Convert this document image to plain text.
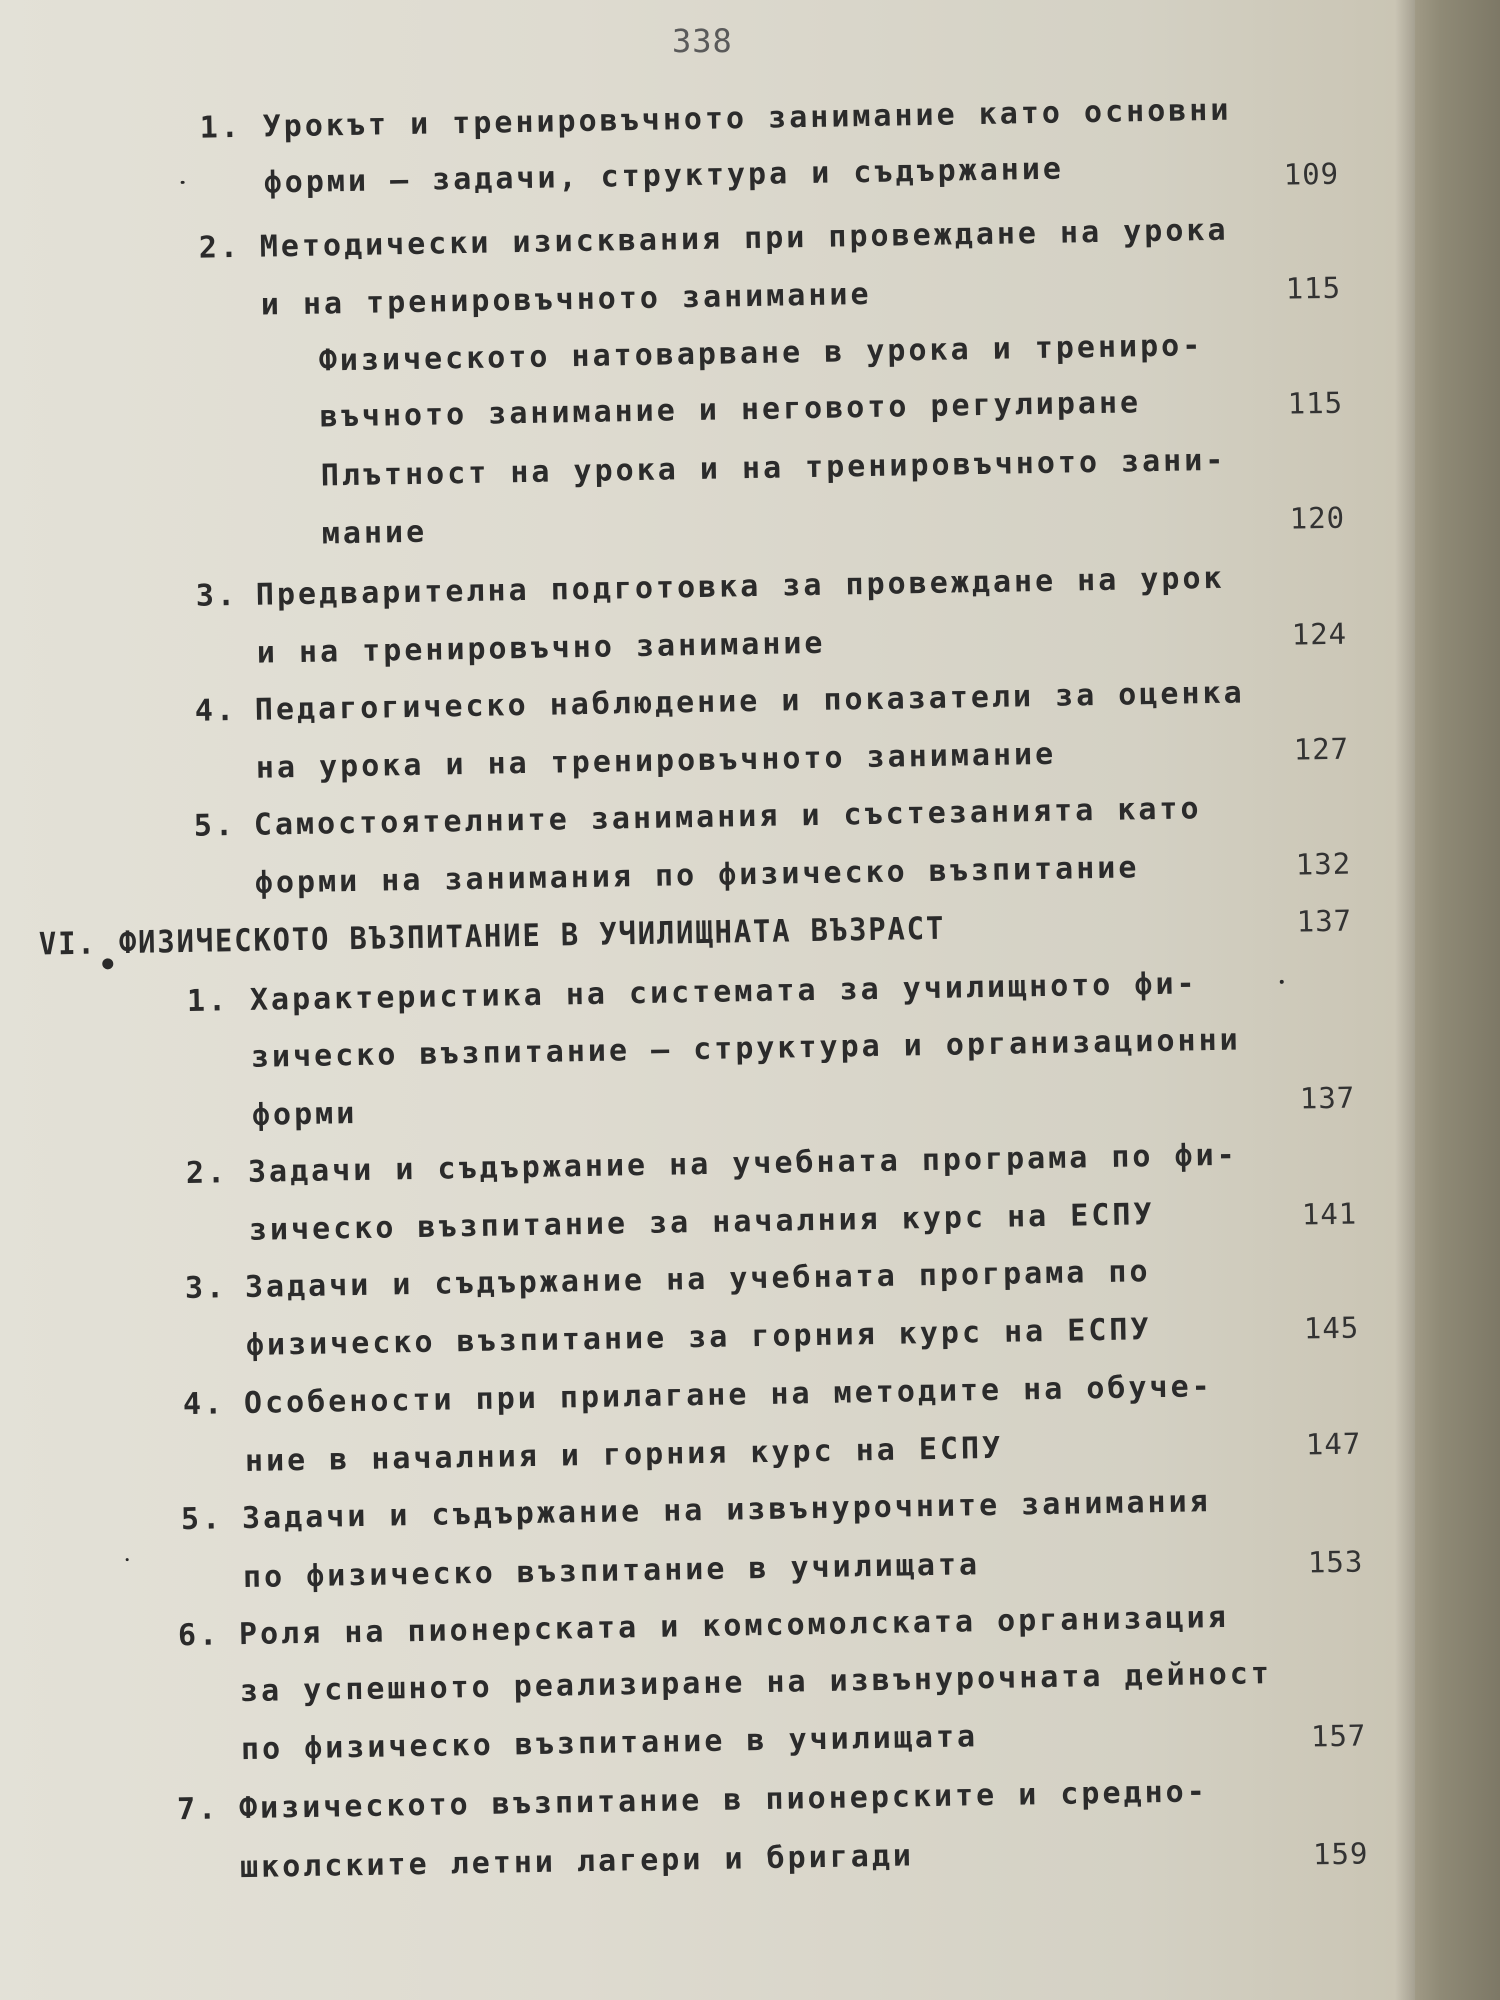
338
1. Урокът и тренировъчното занимание като основни
форми – задачи, структура и съдържание	109
2. Методически изисквания при провеждане на урока
и на тренировъчното занимание	115
Физическото натоварване в урока и трениро-
въчното занимание и неговото регулиране	115
Плътност на урока и на тренировъчното зани-
мание	120
3. Предварителна подготовка за провеждане на урок
и на тренировъчно занимание	124
4. Педагогическо наблюдение и показатели за оценка
на урока и на тренировъчното занимание	127
5. Самостоятелните занимания и състезанията като
форми на занимания по физическо възпитание	132
VI. ФИЗИЧЕСКОТО ВЪЗПИТАНИЕ В УЧИЛИЩНАТА ВЪЗРАСТ	137
1. Характеристика на системата за училищното фи-
зическо възпитание – структура и организационни
форми	137
2. Задачи и съдържание на учебната програма по фи-
зическо възпитание за началния курс на ЕСПУ	141
3. Задачи и съдържание на учебната програма по
физическо възпитание за горния курс на ЕСПУ	145
4. Особености при прилагане на методите на обуче-
ние в началния и горния курс на ЕСПУ	147
5. Задачи и съдържание на извънурочните занимания
по физическо възпитание в училищата	153
6. Роля на пионерската и комсомолската организация
за успешното реализиране на извънурочната дейност
по физическо възпитание в училищата	157
7. Физическото възпитание в пионерските и средно-
школските летни лагери и бригади	159
